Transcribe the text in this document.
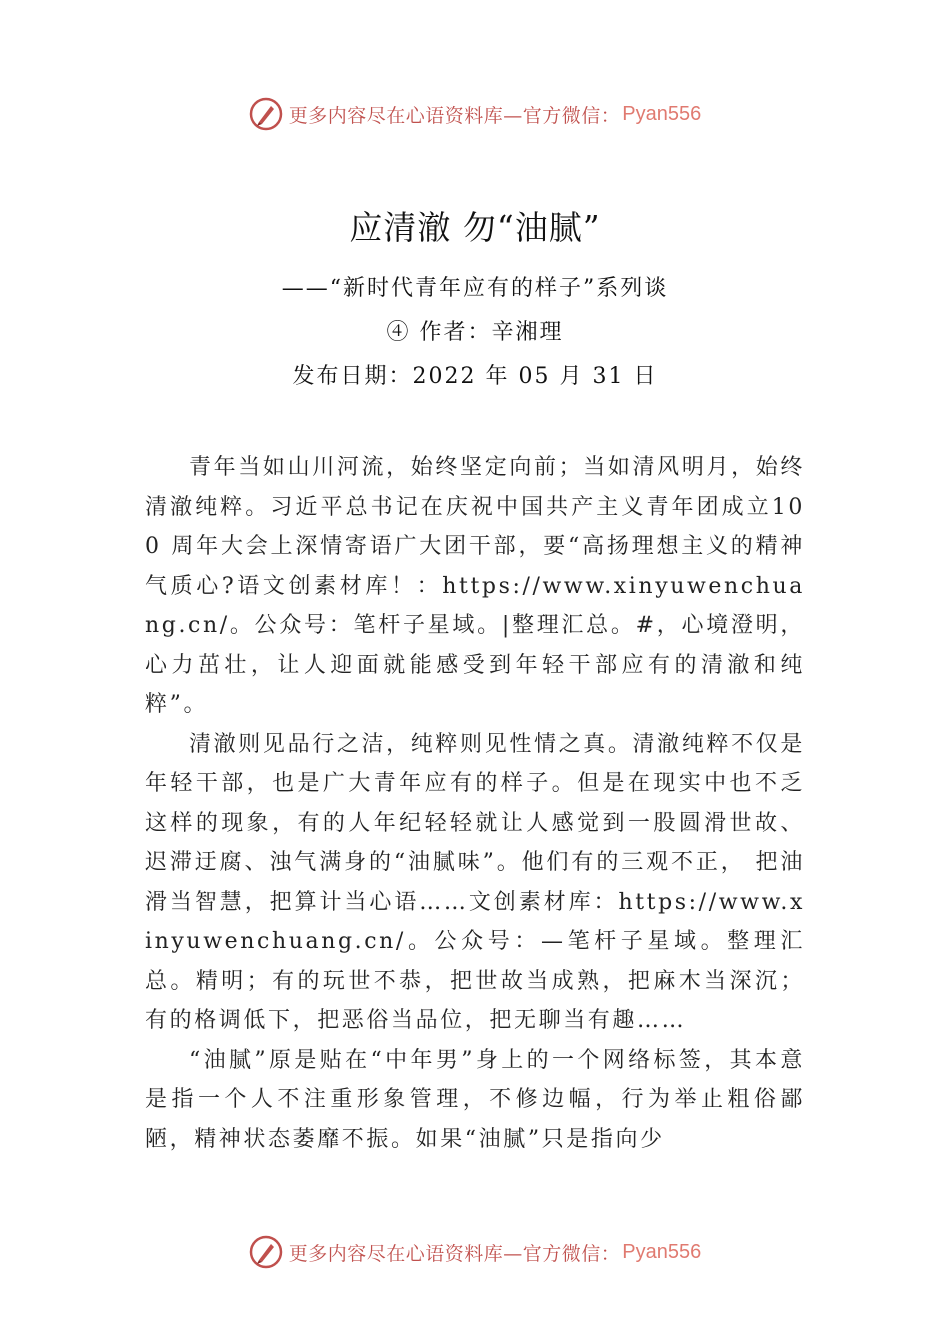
更多内容尽在心语资料库—官方微信： Pyan556
应清澈 勿“油腻”
——“新时代青年应有的样子”系列谈
④ 作者：辛湘理
发布日期：2022 年 05 月 31 日

青年当如山川河流，始终坚定向前；当如清风明月，始终清澈纯粹。习近平总书记在庆祝中国共产主义青年团成立100 周年大会上深情寄语广大团干部，要“高扬理想主义的精神气质心?语文创素材库！：https://www.xinyuwenchuang.cn/。公众号：笔杆子星域。|整理汇总。#，心境澄明，心力茁壮，让人迎面就能感受到年轻干部应有的清澈和纯粹”。

清澈则见品行之洁，纯粹则见性情之真。清澈纯粹不仅是年轻干部，也是广大青年应有的样子。但是在现实中也不乏这样的现象，有的人年纪轻轻就让人感觉到一股圆滑世故、迟滞迂腐、浊气满身的“油腻味”。他们有的三观不正， 把油滑当智慧，把算计当心语……文创素材库：https://www.xinyuwenchuang.cn/。公众号：—笔杆子星域。整理汇总。精明；有的玩世不恭，把世故当成熟，把麻木当深沉；有的格调低下，把恶俗当品位，把无聊当有趣……

“油腻”原是贴在“中年男”身上的一个网络标签，其本意是指一个人不注重形象管理，不修边幅，行为举止粗俗鄙陋，精神状态萎靡不振。如果“油腻”只是指向少

更多内容尽在心语资料库—官方微信： Pyan556
